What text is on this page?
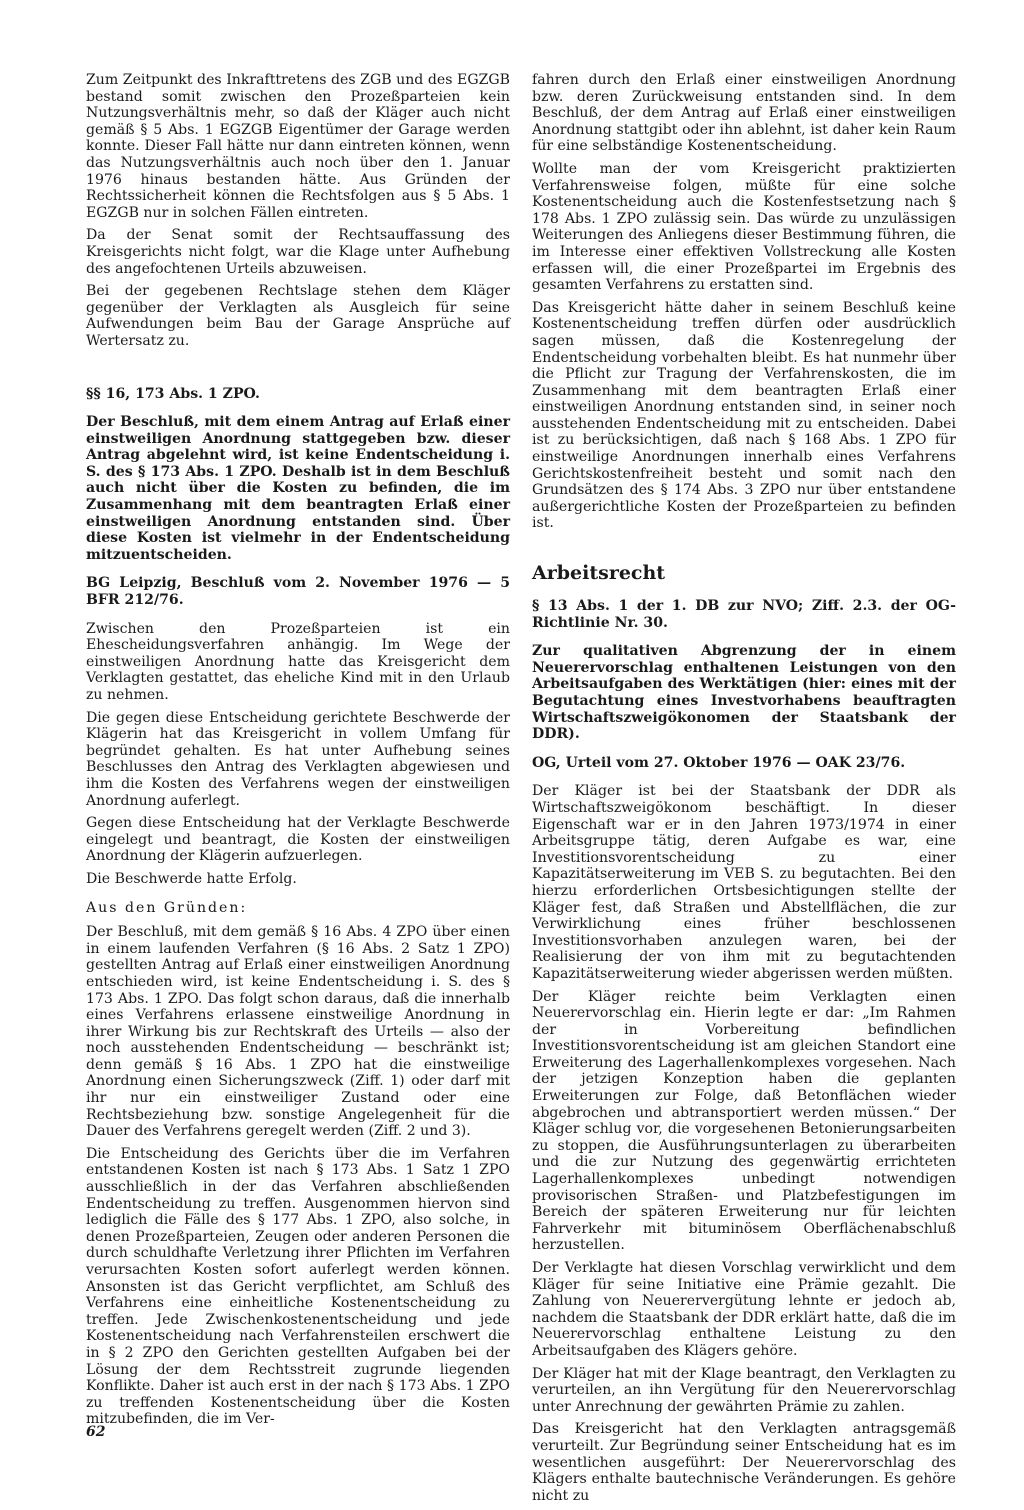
Zum Zeitpunkt des Inkrafttretens des ZGB und des EGZGB bestand somit zwischen den Prozeßparteien kein Nutzungsverhältnis mehr, so daß der Kläger auch nicht gemäß § 5 Abs. 1 EGZGB Eigentümer der Garage werden konnte. Dieser Fall hätte nur dann eintreten können, wenn das Nutzungsverhältnis auch noch über den 1. Januar 1976 hinaus bestanden hätte. Aus Gründen der Rechtssicherheit können die Rechtsfolgen aus § 5 Abs. 1 EGZGB nur in solchen Fällen eintreten.

Da der Senat somit der Rechtsauffassung des Kreisgerichts nicht folgt, war die Klage unter Aufhebung des angefochtenen Urteils abzuweisen.

Bei der gegebenen Rechtslage stehen dem Kläger gegenüber der Verklagten als Ausgleich für seine Aufwendungen beim Bau der Garage Ansprüche auf Wertersatz zu.

§§ 16, 173 Abs. 1 ZPO.

Der Beschluß, mit dem einem Antrag auf Erlaß einer einstweiligen Anordnung stattgegeben bzw. dieser Antrag abgelehnt wird, ist keine Endentscheidung i. S. des § 173 Abs. 1 ZPO. Deshalb ist in dem Beschluß auch nicht über die Kosten zu befinden, die im Zusammenhang mit dem beantragten Erlaß einer einstweiligen Anordnung entstanden sind. Über diese Kosten ist vielmehr in der Endentscheidung mitzuentscheiden.

BG Leipzig, Beschluß vom 2. November 1976 — 5 BFR 212/76.

Zwischen den Prozeßparteien ist ein Ehescheidungsverfahren anhängig. Im Wege der einstweiligen Anordnung hatte das Kreisgericht dem Verklagten gestattet, das eheliche Kind mit in den Urlaub zu nehmen.

Die gegen diese Entscheidung gerichtete Beschwerde der Klägerin hat das Kreisgericht in vollem Umfang für begründet gehalten. Es hat unter Aufhebung seines Beschlusses den Antrag des Verklagten abgewiesen und ihm die Kosten des Verfahrens wegen der einstweiligen Anordnung auferlegt.

Gegen diese Entscheidung hat der Verklagte Beschwerde eingelegt und beantragt, die Kosten der einstweiligen Anordnung der Klägerin aufzuerlegen.

Die Beschwerde hatte Erfolg.

Aus den Gründen:

Der Beschluß, mit dem gemäß § 16 Abs. 4 ZPO über einen in einem laufenden Verfahren (§ 16 Abs. 2 Satz 1 ZPO) gestellten Antrag auf Erlaß einer einstweiligen Anordnung entschieden wird, ist keine Endentscheidung i. S. des § 173 Abs. 1 ZPO. Das folgt schon daraus, daß die innerhalb eines Verfahrens erlassene einstweilige Anordnung in ihrer Wirkung bis zur Rechtskraft des Urteils — also der noch ausstehenden Endentscheidung — beschränkt ist; denn gemäß § 16 Abs. 1 ZPO hat die einstweilige Anordnung einen Sicherungszweck (Ziff. 1) oder darf mit ihr nur ein einstweiliger Zustand oder eine Rechtsbeziehung bzw. sonstige Angelegenheit für die Dauer des Verfahrens geregelt werden (Ziff. 2 und 3).

Die Entscheidung des Gerichts über die im Verfahren entstandenen Kosten ist nach § 173 Abs. 1 Satz 1 ZPO ausschließlich in der das Verfahren abschließenden Endentscheidung zu treffen. Ausgenommen hiervon sind lediglich die Fälle des § 177 Abs. 1 ZPO, also solche, in denen Prozeßparteien, Zeugen oder anderen Personen die durch schuldhafte Verletzung ihrer Pflichten im Verfahren verursachten Kosten sofort auferlegt werden können. Ansonsten ist das Gericht verpflichtet, am Schluß des Verfahrens eine einheitliche Kostenentscheidung zu treffen. Jede Zwischenkostenentscheidung und jede Kostenentscheidung nach Verfahrensteilen erschwert die in § 2 ZPO den Gerichten gestellten Aufgaben bei der Lösung der dem Rechtsstreit zugrunde liegenden Konflikte. Daher ist auch erst in der nach § 173 Abs. 1 ZPO zu treffenden Kostenentscheidung über die Kosten mitzubefinden, die im Ver-

fahren durch den Erlaß einer einstweiligen Anordnung bzw. deren Zurückweisung entstanden sind. In dem Beschluß, der dem Antrag auf Erlaß einer einstweiligen Anordnung stattgibt oder ihn ablehnt, ist daher kein Raum für eine selbständige Kostenentscheidung.

Wollte man der vom Kreisgericht praktizierten Verfahrensweise folgen, müßte für eine solche Kostenentscheidung auch die Kostenfestsetzung nach § 178 Abs. 1 ZPO zulässig sein. Das würde zu unzulässigen Weiterungen des Anliegens dieser Bestimmung führen, die im Interesse einer effektiven Vollstreckung alle Kosten erfassen will, die einer Prozeßpartei im Ergebnis des gesamten Verfahrens zu erstatten sind.

Das Kreisgericht hätte daher in seinem Beschluß keine Kostenentscheidung treffen dürfen oder ausdrücklich sagen müssen, daß die Kostenregelung der Endentscheidung vorbehalten bleibt. Es hat nunmehr über die Pflicht zur Tragung der Verfahrenskosten, die im Zusammenhang mit dem beantragten Erlaß einer einstweiligen Anordnung entstanden sind, in seiner noch ausstehenden Endentscheidung mit zu entscheiden. Dabei ist zu berücksichtigen, daß nach § 168 Abs. 1 ZPO für einstweilige Anordnungen innerhalb eines Verfahrens Gerichtskostenfreiheit besteht und somit nach den Grundsätzen des § 174 Abs. 3 ZPO nur über entstandene außergerichtliche Kosten der Prozeßparteien zu befinden ist.

Arbeitsrecht

§ 13 Abs. 1 der 1. DB zur NVO; Ziff. 2.3. der OG-Richtlinie Nr. 30.

Zur qualitativen Abgrenzung der in einem Neuerervorschlag enthaltenen Leistungen von den Arbeitsaufgaben des Werktätigen (hier: eines mit der Begutachtung eines Investvorhabens beauftragten Wirtschaftszweigökonomen der Staatsbank der DDR).

OG, Urteil vom 27. Oktober 1976 — OAK 23/76.

Der Kläger ist bei der Staatsbank der DDR als Wirtschaftszweigökonom beschäftigt. In dieser Eigenschaft war er in den Jahren 1973/1974 in einer Arbeitsgruppe tätig, deren Aufgabe es war, eine Investitionsvorentscheidung zu einer Kapazitätserweiterung im VEB S. zu begutachten. Bei den hierzu erforderlichen Ortsbesichtigungen stellte der Kläger fest, daß Straßen und Abstellflächen, die zur Verwirklichung eines früher beschlossenen Investitionsvorhaben anzulegen waren, bei der Realisierung der von ihm mit zu begutachtenden Kapazitätserweiterung wieder abgerissen werden müßten.

Der Kläger reichte beim Verklagten einen Neuerervorschlag ein. Hierin legte er dar: „Im Rahmen der in Vorbereitung befindlichen Investitionsvorentscheidung ist am gleichen Standort eine Erweiterung des Lagerhallenkomplexes vorgesehen. Nach der jetzigen Konzeption haben die geplanten Erweiterungen zur Folge, daß Betonflächen wieder abgebrochen und abtransportiert werden müssen.“ Der Kläger schlug vor, die vorgesehenen Betonierungsarbeiten zu stoppen, die Ausführungsunterlagen zu überarbeiten und die zur Nutzung des gegenwärtig errichteten Lagerhallenkomplexes unbedingt notwendigen provisorischen Straßen- und Platzbefestigungen im Bereich der späteren Erweiterung nur für leichten Fahrverkehr mit bituminösem Oberflächenabschluß herzustellen.

Der Verklagte hat diesen Vorschlag verwirklicht und dem Kläger für seine Initiative eine Prämie gezahlt. Die Zahlung von Neuerervergütung lehnte er jedoch ab, nachdem die Staatsbank der DDR erklärt hatte, daß die im Neuerervorschlag enthaltene Leistung zu den Arbeitsaufgaben des Klägers gehöre.

Der Kläger hat mit der Klage beantragt, den Verklagten zu verurteilen, an ihn Vergütung für den Neuerervorschlag unter Anrechnung der gewährten Prämie zu zahlen.

Das Kreisgericht hat den Verklagten antragsgemäß verurteilt. Zur Begründung seiner Entscheidung hat es im wesentlichen ausgeführt: Der Neuerervorschlag des Klägers enthalte bautechnische Veränderungen. Es gehöre nicht zu

62
